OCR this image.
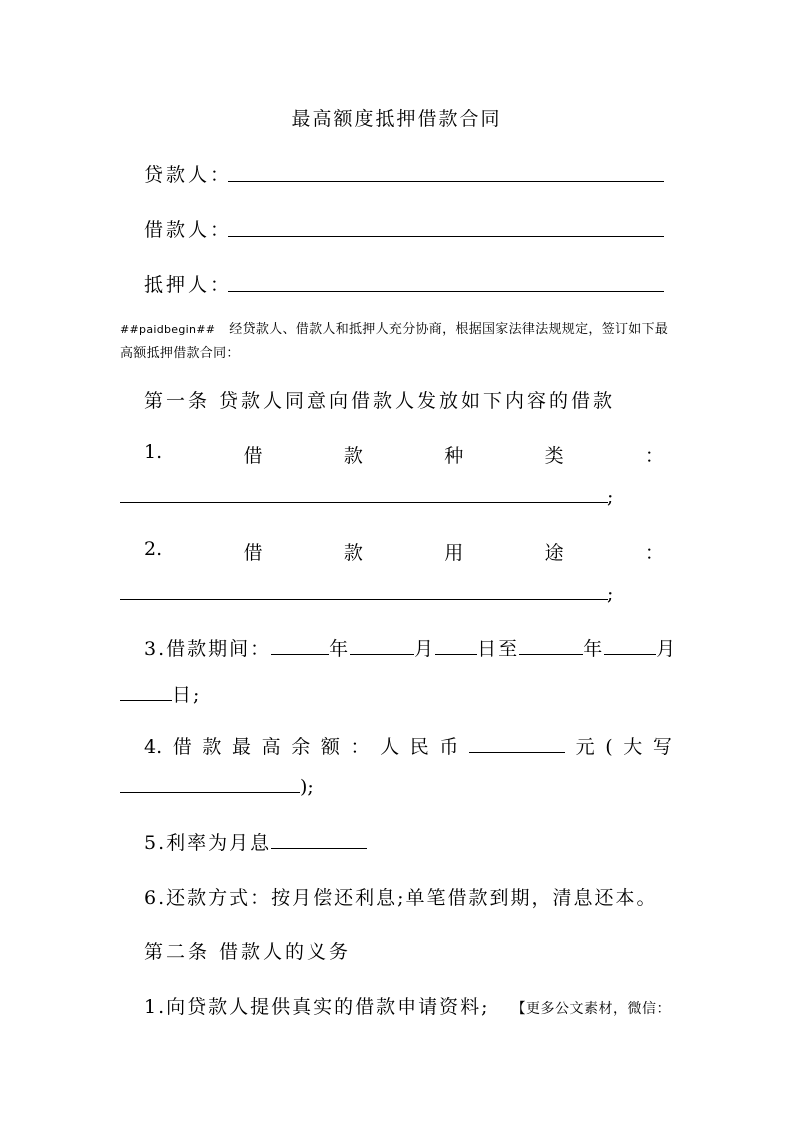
最高额度抵押借款合同
贷款人：
借款人：
抵押人：
##paidbegin## 经贷款人、借款人和抵押人充分协商，根据国家法律法规规定，签订如下最高额抵押借款合同：
第一条 贷款人同意向借款人发放如下内容的借款
1.	借	款	种	类	：
;
2.	借	款	用	途	：
;
3.借款期间：	年	月 日至	年	月
日;
4. 借 款 最 高 余 额 ： 人 民 币	元 ( 大 写
);
5.利率为月息
6.还款方式：按月偿还利息;单笔借款到期，清息还本。
第二条 借款人的义务
1.向贷款人提供真实的借款申请资料; 【更多公文素材，微信：
